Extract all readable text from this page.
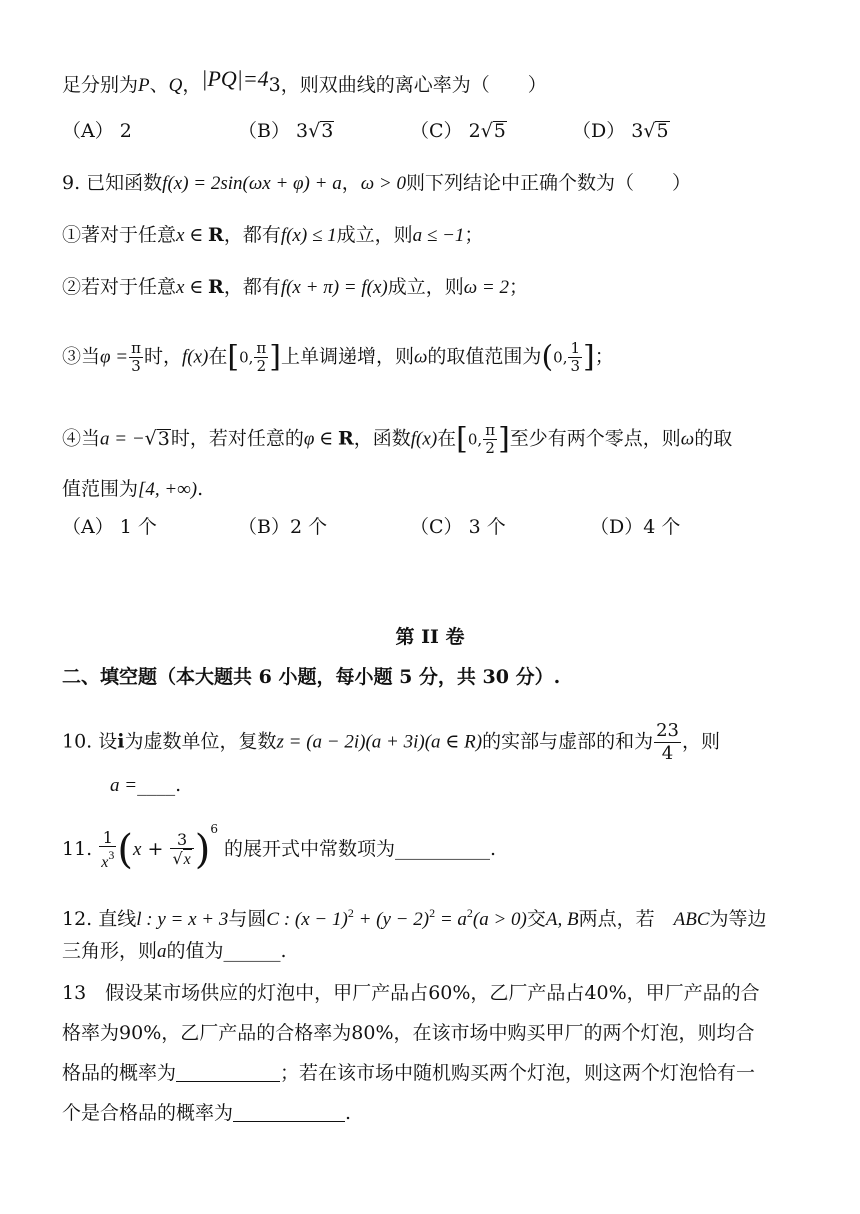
足分别为P、Q，|PQ|=43，则双曲线的离心率为（　　）
（A） 2	（B） 3√3	（C） 2√5	（D） 3√5
9. 已知函数f(x) = 2sin(ωx + φ) + a，ω > 0则下列结论中正确个数为（　　）
①著对于任意x ∈ R，都有f(x) ≤ 1成立，则a ≤ −1；
②若对于任意x ∈ R，都有f(x + π) = f(x)成立，则ω = 2；
③当$\varphi = \frac{\pi}{3}$ 时，f(x)在[0, $\frac{\pi}{2}$ ]上单调递增，则ω的取值范围为(0, $\frac{1}{3}$ ]；
④当a = −√3时，若对任意的φ ∈ R，函数f(x)在[0, $\frac{\pi}{2}$ ]至少有两个零点，则ω的取
值范围为[4, +∞).
（A） 1 个	（B）2 个	（C） 3 个	（D）4 个
第 II 卷
二、填空题（本大题共 6 小题，每小题 5 分，共 30 分）.
10. 设i为虚数单位，复数z = (a − 2i)(a + 3i)(a ∈ R)的实部与虚部的和为 $\frac{23}{4}$ ，则
a =____.
11. $\frac{1}{x^3} (x + \frac{3}{√x} )^6$ 的展开式中常数项为__________.
12. 直线l : y = x + 3与圆C : $(x - 1)^2 + (y - 2)^2 = a^2(a > 0)$交A, B两点，若  ABC为等边
三角形，则a的值为______.
13　假设某市场供应的灯泡中，甲厂产品占60%，乙厂产品占40%，甲厂产品的合
格率为90%，乙厂产品的合格率为80%，在该市场中购买甲厂的两个灯泡，则均合
格品的概率为	；若在该市场中随机购买两个灯泡，则这两个灯泡恰有一
个是合格品的概率为	.
